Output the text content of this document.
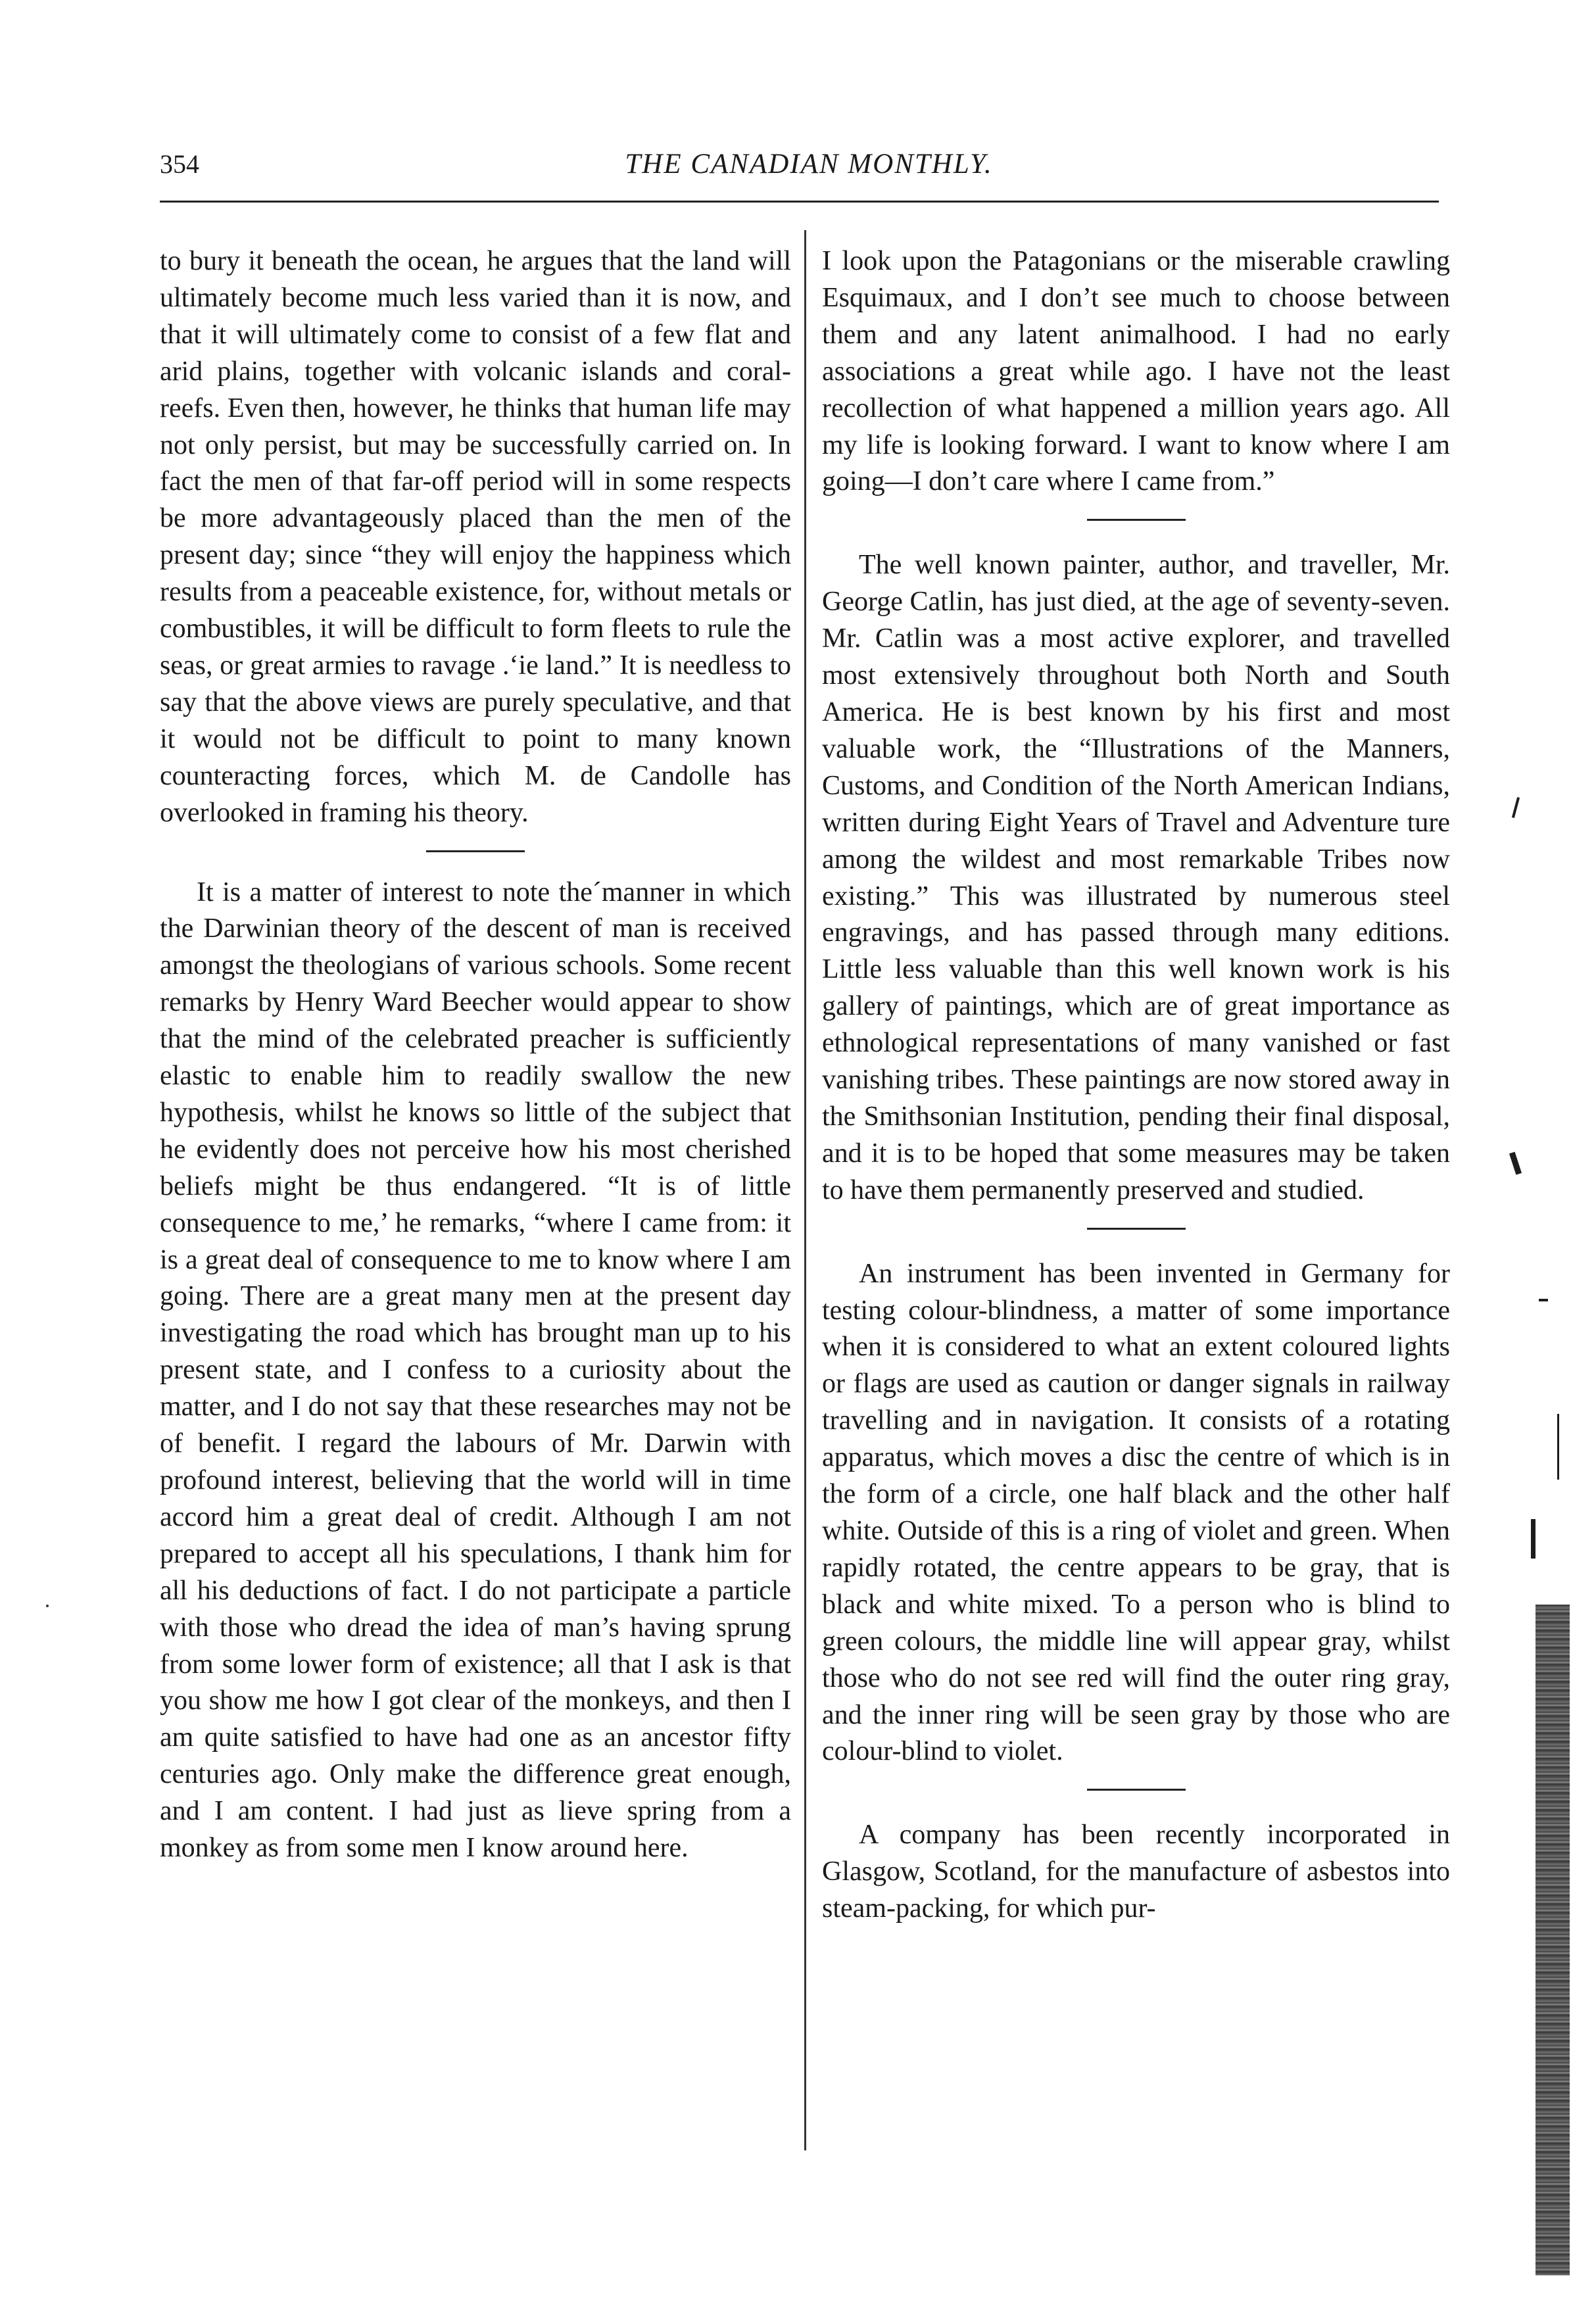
354	THE CANADIAN MONTHLY.

to bury it beneath the ocean, he argues that the land will ultimately become much less varied than it is now, and that it will ultimately come to consist of a few flat and arid plains, together with volcanic islands and coral-reefs. Even then, however, he thinks that human life may not only persist, but may be successfully carried on. In fact the men of that far-off period will in some respects be more advantageously placed than the men of the present day; since “they will enjoy the happiness which results from a peaceable existence, for, without metals or combustibles, it will be difficult to form fleets to rule the seas, or great armies to ravage .‘ie land.” It is needless to say that the above views are purely speculative, and that it would not be difficult to point to many known counteracting forces, which M. de Candolle has overlooked in framing his theory.

It is a matter of interest to note the´manner in which the Darwinian theory of the descent of man is received amongst the theologians of various schools. Some recent remarks by Henry Ward Beecher would appear to show that the mind of the celebrated preacher is sufficiently elastic to enable him to readily swallow the new hypothesis, whilst he knows so little of the subject that he evidently does not perceive how his most cherished beliefs might be thus endangered. “It is of little consequence to me,’ he remarks, “where I came from: it is a great deal of consequence to me to know where I am going. There are a great many men at the present day investigating the road which has brought man up to his present state, and I confess to a curiosity about the matter, and I do not say that these researches may not be of benefit. I regard the labours of Mr. Darwin with profound interest, believing that the world will in time accord him a great deal of credit. Although I am not prepared to accept all his speculations, I thank him for all his deductions of fact. I do not participate a particle with those who dread the idea of man’s having sprung from some lower form of existence; all that I ask is that you show me how I got clear of the monkeys, and then I am quite satisfied to have had one as an ancestor fifty centuries ago. Only make the difference great enough, and I am content. I had just as lieve spring from a monkey as from some men I know around here.

I look upon the Patagonians or the miserable crawling Esquimaux, and I don’t see much to choose between them and any latent animalhood. I had no early associations a great while ago. I have not the least recollection of what happened a million years ago. All my life is looking forward. I want to know where I am going—I don’t care where I came from.”

The well known painter, author, and traveller, Mr. George Catlin, has just died, at the age of seventy-seven. Mr. Catlin was a most active explorer, and travelled most extensively throughout both North and South America. He is best known by his first and most valuable work, the “Illustrations of the Manners, Customs, and Condition of the North American Indians, written during Eight Years of Travel and Adventure ture among the wildest and most remarkable Tribes now existing.” This was illustrated by numerous steel engravings, and has passed through many editions. Little less valuable than this well known work is his gallery of paintings, which are of great importance as ethnological representations of many vanished or fast vanishing tribes. These paintings are now stored away in the Smithsonian Institution, pending their final disposal, and it is to be hoped that some measures may be taken to have them permanently preserved and studied.

An instrument has been invented in Germany for testing colour-blindness, a matter of some importance when it is considered to what an extent coloured lights or flags are used as caution or danger signals in railway travelling and in navigation. It consists of a rotating apparatus, which moves a disc the centre of which is in the form of a circle, one half black and the other half white. Outside of this is a ring of violet and green. When rapidly rotated, the centre appears to be gray, that is black and white mixed. To a person who is blind to green colours, the middle line will appear gray, whilst those who do not see red will find the outer ring gray, and the inner ring will be seen gray by those who are colour-blind to violet.

A company has been recently incorporated in Glasgow, Scotland, for the manufacture of asbestos into steam-packing, for which pur-
